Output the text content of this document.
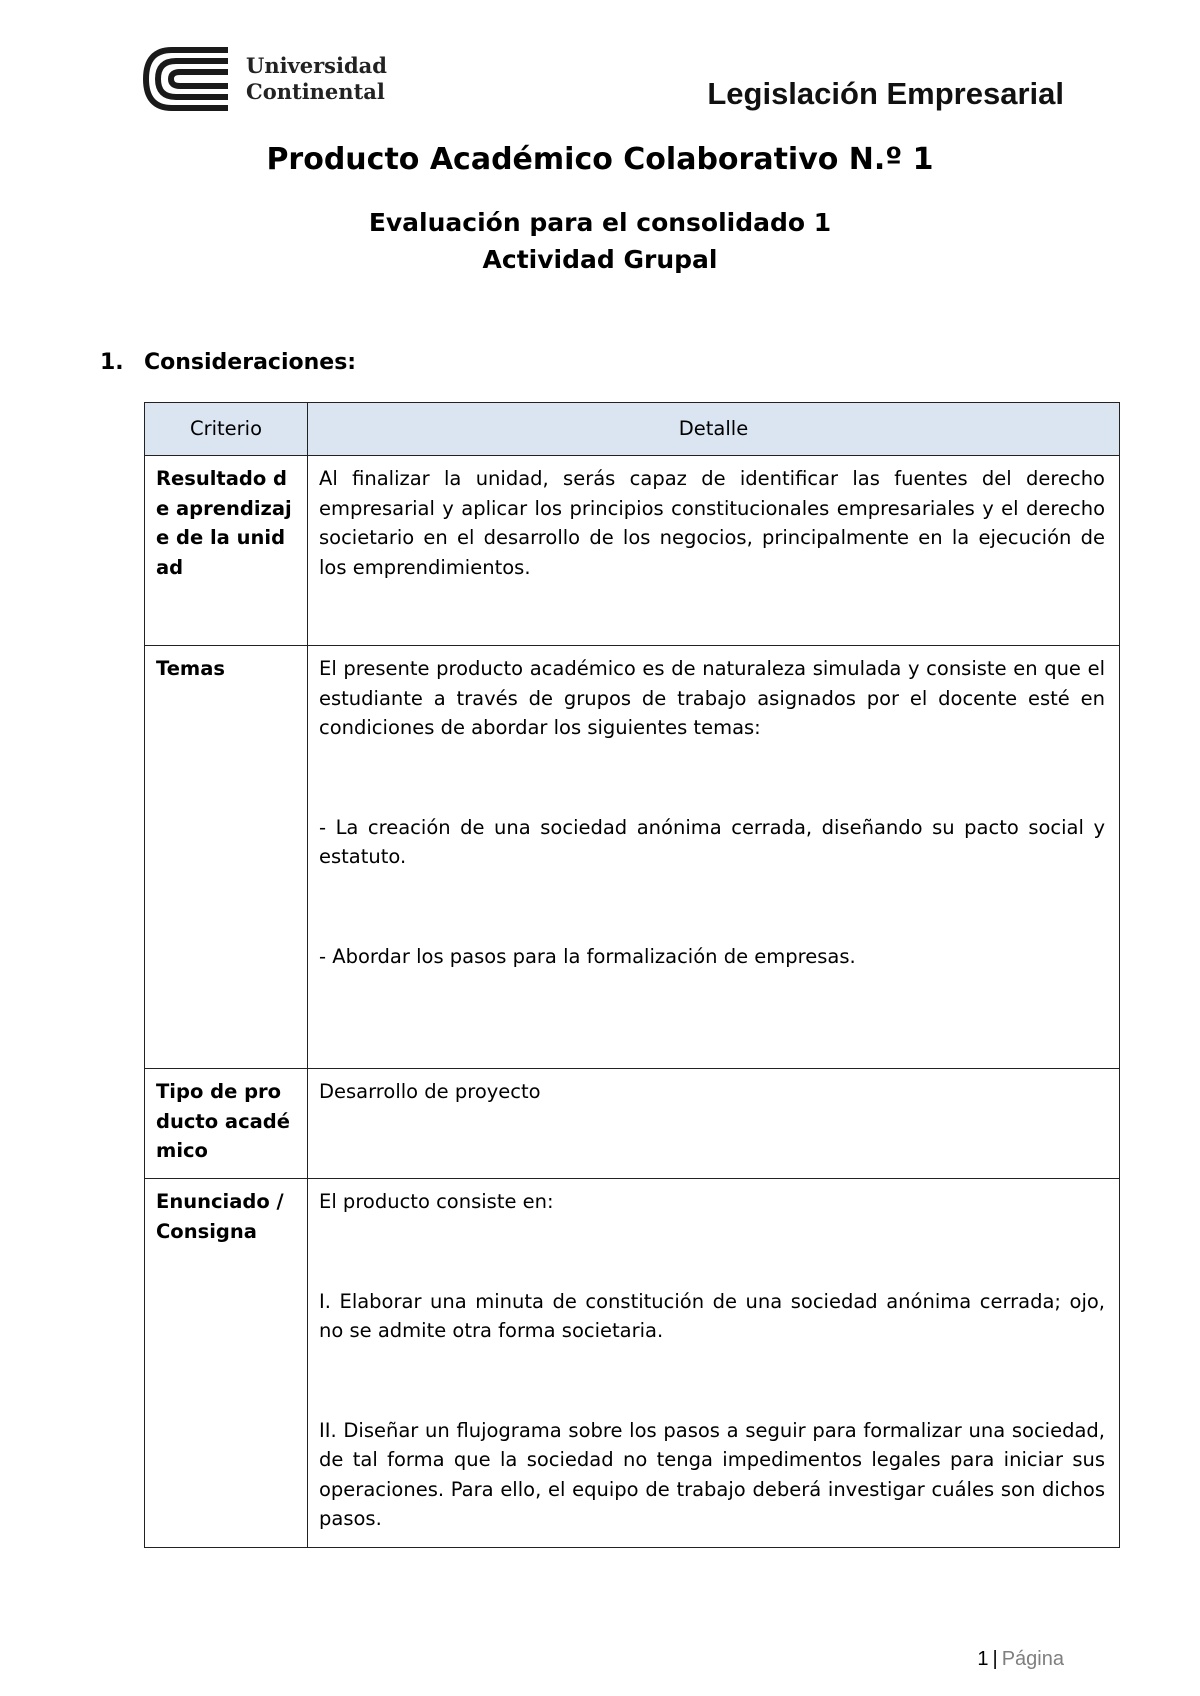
Universidad
Continental	Legislación Empresarial
Producto Académico Colaborativo N.º 1
Evaluación para el consolidado 1
Actividad Grupal
1. Consideraciones:
Criterio	Detalle
Resultado de aprendizaje de la unidad	Al finalizar la unidad, serás capaz de identificar las fuentes del derecho empresarial y aplicar los principios constitucionales empresariales y el derecho societario en el desarrollo de los negocios, principalmente en la ejecución de los emprendimientos.

Temas	El presente producto académico es de naturaleza simulada y consiste en que el estudiante a través de grupos de trabajo asignados por el docente esté en condiciones de abordar los siguientes temas:

- La creación de una sociedad anónima cerrada, diseñando su pacto social y estatuto.

- Abordar los pasos para la formalización de empresas.

Tipo de producto académico	Desarrollo de proyecto

Enunciado /Consigna	El producto consiste en:

I. Elaborar una minuta de constitución de una sociedad anónima cerrada; ojo, no se admite otra forma societaria.

II. Diseñar un flujograma sobre los pasos a seguir para formalizar una sociedad, de tal forma que la sociedad no tenga impedimentos legales para iniciar sus operaciones. Para ello, el equipo de trabajo deberá investigar cuáles son dichos pasos.

1 | Página
